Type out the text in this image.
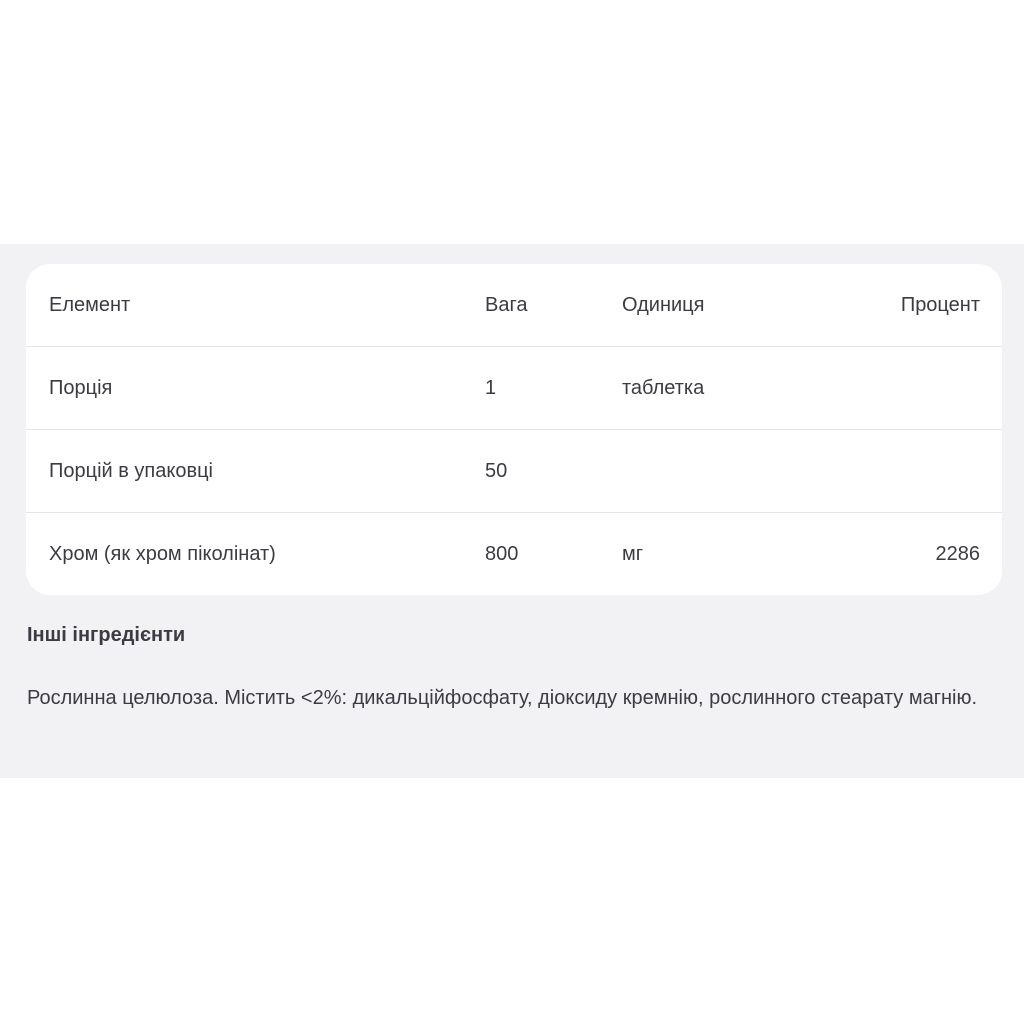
Елемент	Вага	Одиниця	Процент
Порція	1	таблетка
Порцій в упаковці	50
Хром (як хром піколінат)	800	мг	2286
Інші інгредієнти
Рослинна целюлоза. Містить <2%: дикальційфосфату, діоксиду кремнію, рослинного стеарату магнію.
